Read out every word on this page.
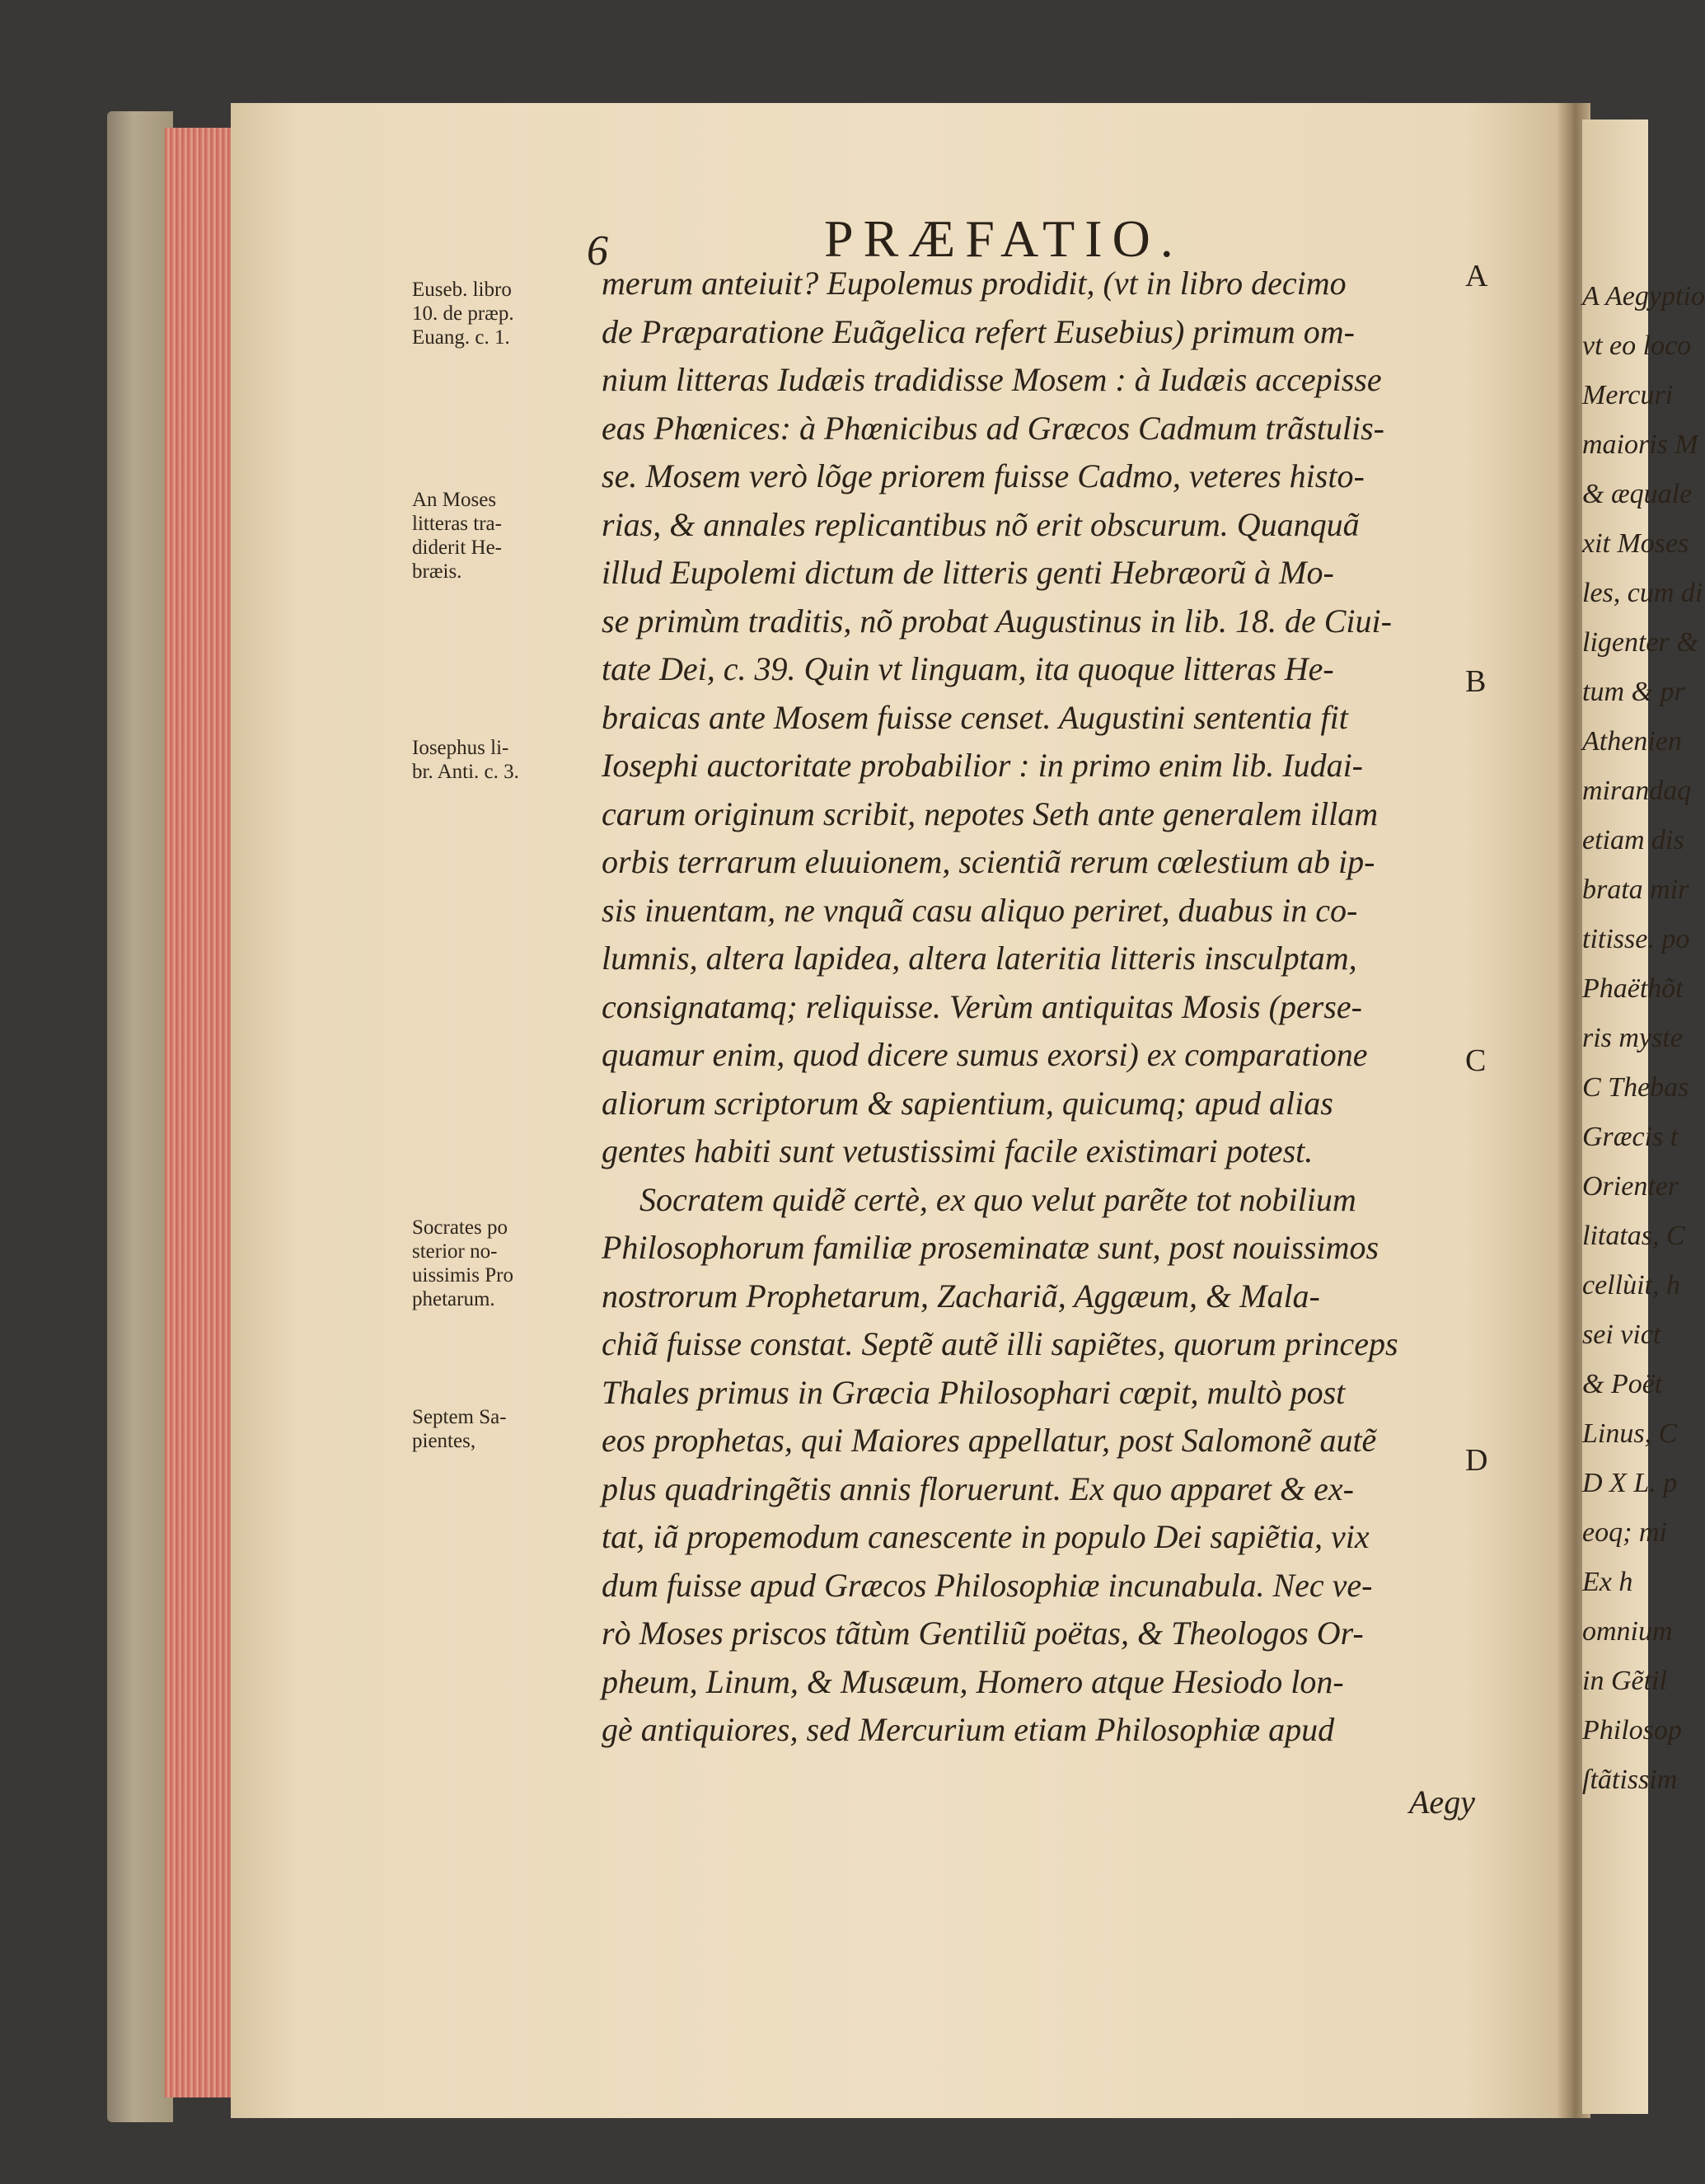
6	PRÆFATIO.
Euseb. libro
10. de præp.
Euang. c. 1.
An Moses
litteras tra-
diderit He-
bræis.
Iosephus li-
br. Anti. c. 3.
Socrates po
sterior no-
uissimis Pro
phetarum.
Septem Sa-
pientes,
merum anteiuit? Eupolemus prodidit, (vt in libro decimo
de Præparatione Euãgelica refert Eusebius) primum om-
nium litteras Iudæis tradidisse Mosem : à Iudæis accepisse
eas Phœnices: à Phœnicibus ad Græcos Cadmum trãstulis-
se. Mosem verò lõge priorem fuisse Cadmo, veteres histo-
rias, & annales replicantibus nõ erit obscurum. Quanquã
illud Eupolemi dictum de litteris genti Hebræorũ à Mo-
se primùm traditis, nõ probat Augustinus in lib. 18. de Ciui-
tate Dei, c. 39. Quin vt linguam, ita quoque litteras He-
braicas ante Mosem fuisse censet. Augustini sententia fit
Iosephi auctoritate probabilior : in primo enim lib. Iudai-
carum originum scribit, nepotes Seth ante generalem illam
orbis terrarum eluuionem, scientiã rerum cœlestium ab ip-
sis inuentam, ne vnquã casu aliquo periret, duabus in co-
lumnis, altera lapidea, altera lateritia litteris insculptam,
consignatamq; reliquisse. Verùm antiquitas Mosis (perse-
quamur enim, quod dicere sumus exorsi) ex comparatione
aliorum scriptorum & sapientium, quicumq; apud alias
gentes habiti sunt vetustissimi facile existimari potest.
Socratem quidẽ certè, ex quo velut parẽte tot nobilium
Philosophorum familiæ proseminatæ sunt, post nouissimos
nostrorum Prophetarum, Zachariã, Aggæum, & Mala-
chiã fuisse constat. Septẽ autẽ illi sapiẽtes, quorum princeps
Thales primus in Græcia Philosophari cœpit, multò post
eos prophetas, qui Maiores appellatur, post Salomonẽ autẽ
plus quadringẽtis annis floruerunt. Ex quo apparet & ex-
tat, iã propemodum canescente in populo Dei sapiẽtia, vix
dum fuisse apud Græcos Philosophiæ incunabula. Nec ve-
rò Moses priscos tãtùm Gentiliũ poëtas, & Theologos Or-
pheum, Linum, & Musæum, Homero atque Hesiodo lon-
gè antiquiores, sed Mercurium etiam Philosophiæ apud
A
B
C
D
Aegy
A Aegyptio
vt eo loco
Mercuri
maioris M
& æquale
xit Moses
les, cum di
ligenter &
tum & pr
Athenien
mirandaq
etiam dis
brata mir
titisse. po
Phaëthõt
ris myste
C Thebas
Græcis t
Orienter
litatas, C
cellùit, h
sei vict
& Poët
Linus, C
D X L. p
eoq; mi
Ex h
omnium
in Gẽtil
Philosop
ſtãtissim
